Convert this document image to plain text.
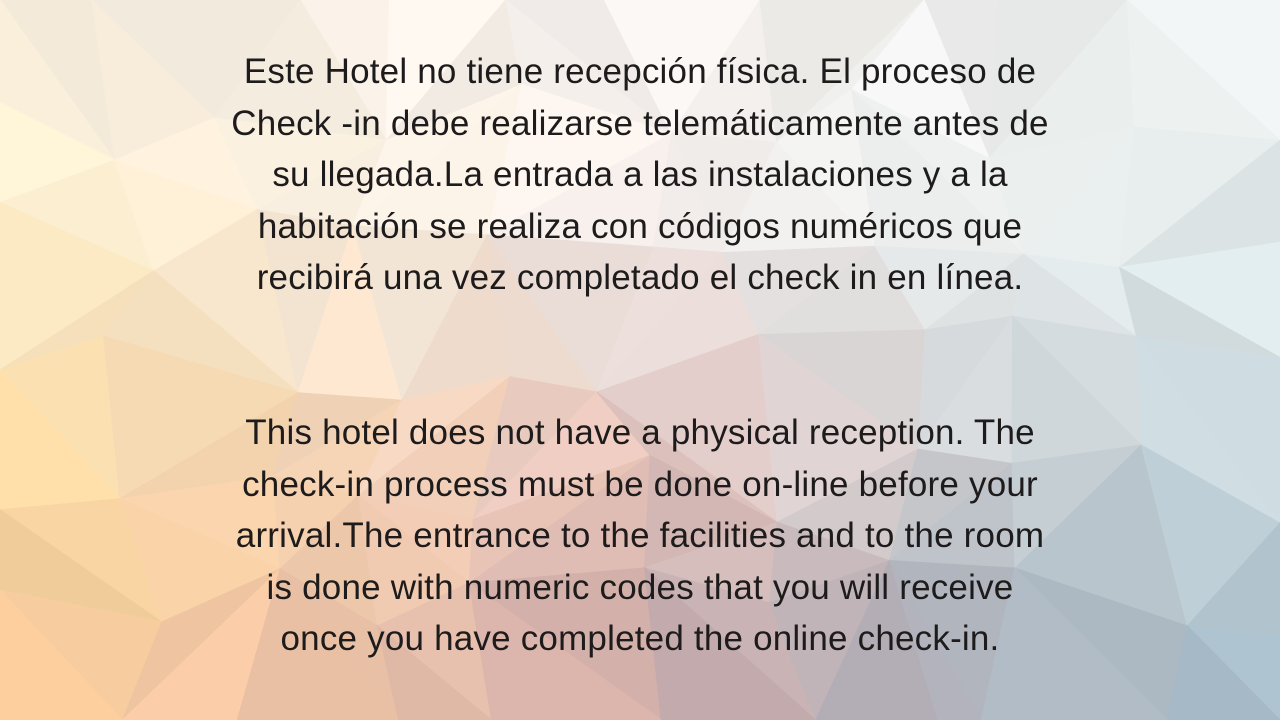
Este Hotel no tiene recepción física. El proceso de
Check -in debe realizarse telemáticamente antes de
su llegada.La entrada a las instalaciones y a la
habitación se realiza con códigos numéricos que
recibirá una vez completado el check in en línea.
This hotel does not have a physical reception. The
check-in process must be done on-line before your
arrival.The entrance to the facilities and to the room
is done with numeric codes that you will receive
once you have completed the online check-in.
